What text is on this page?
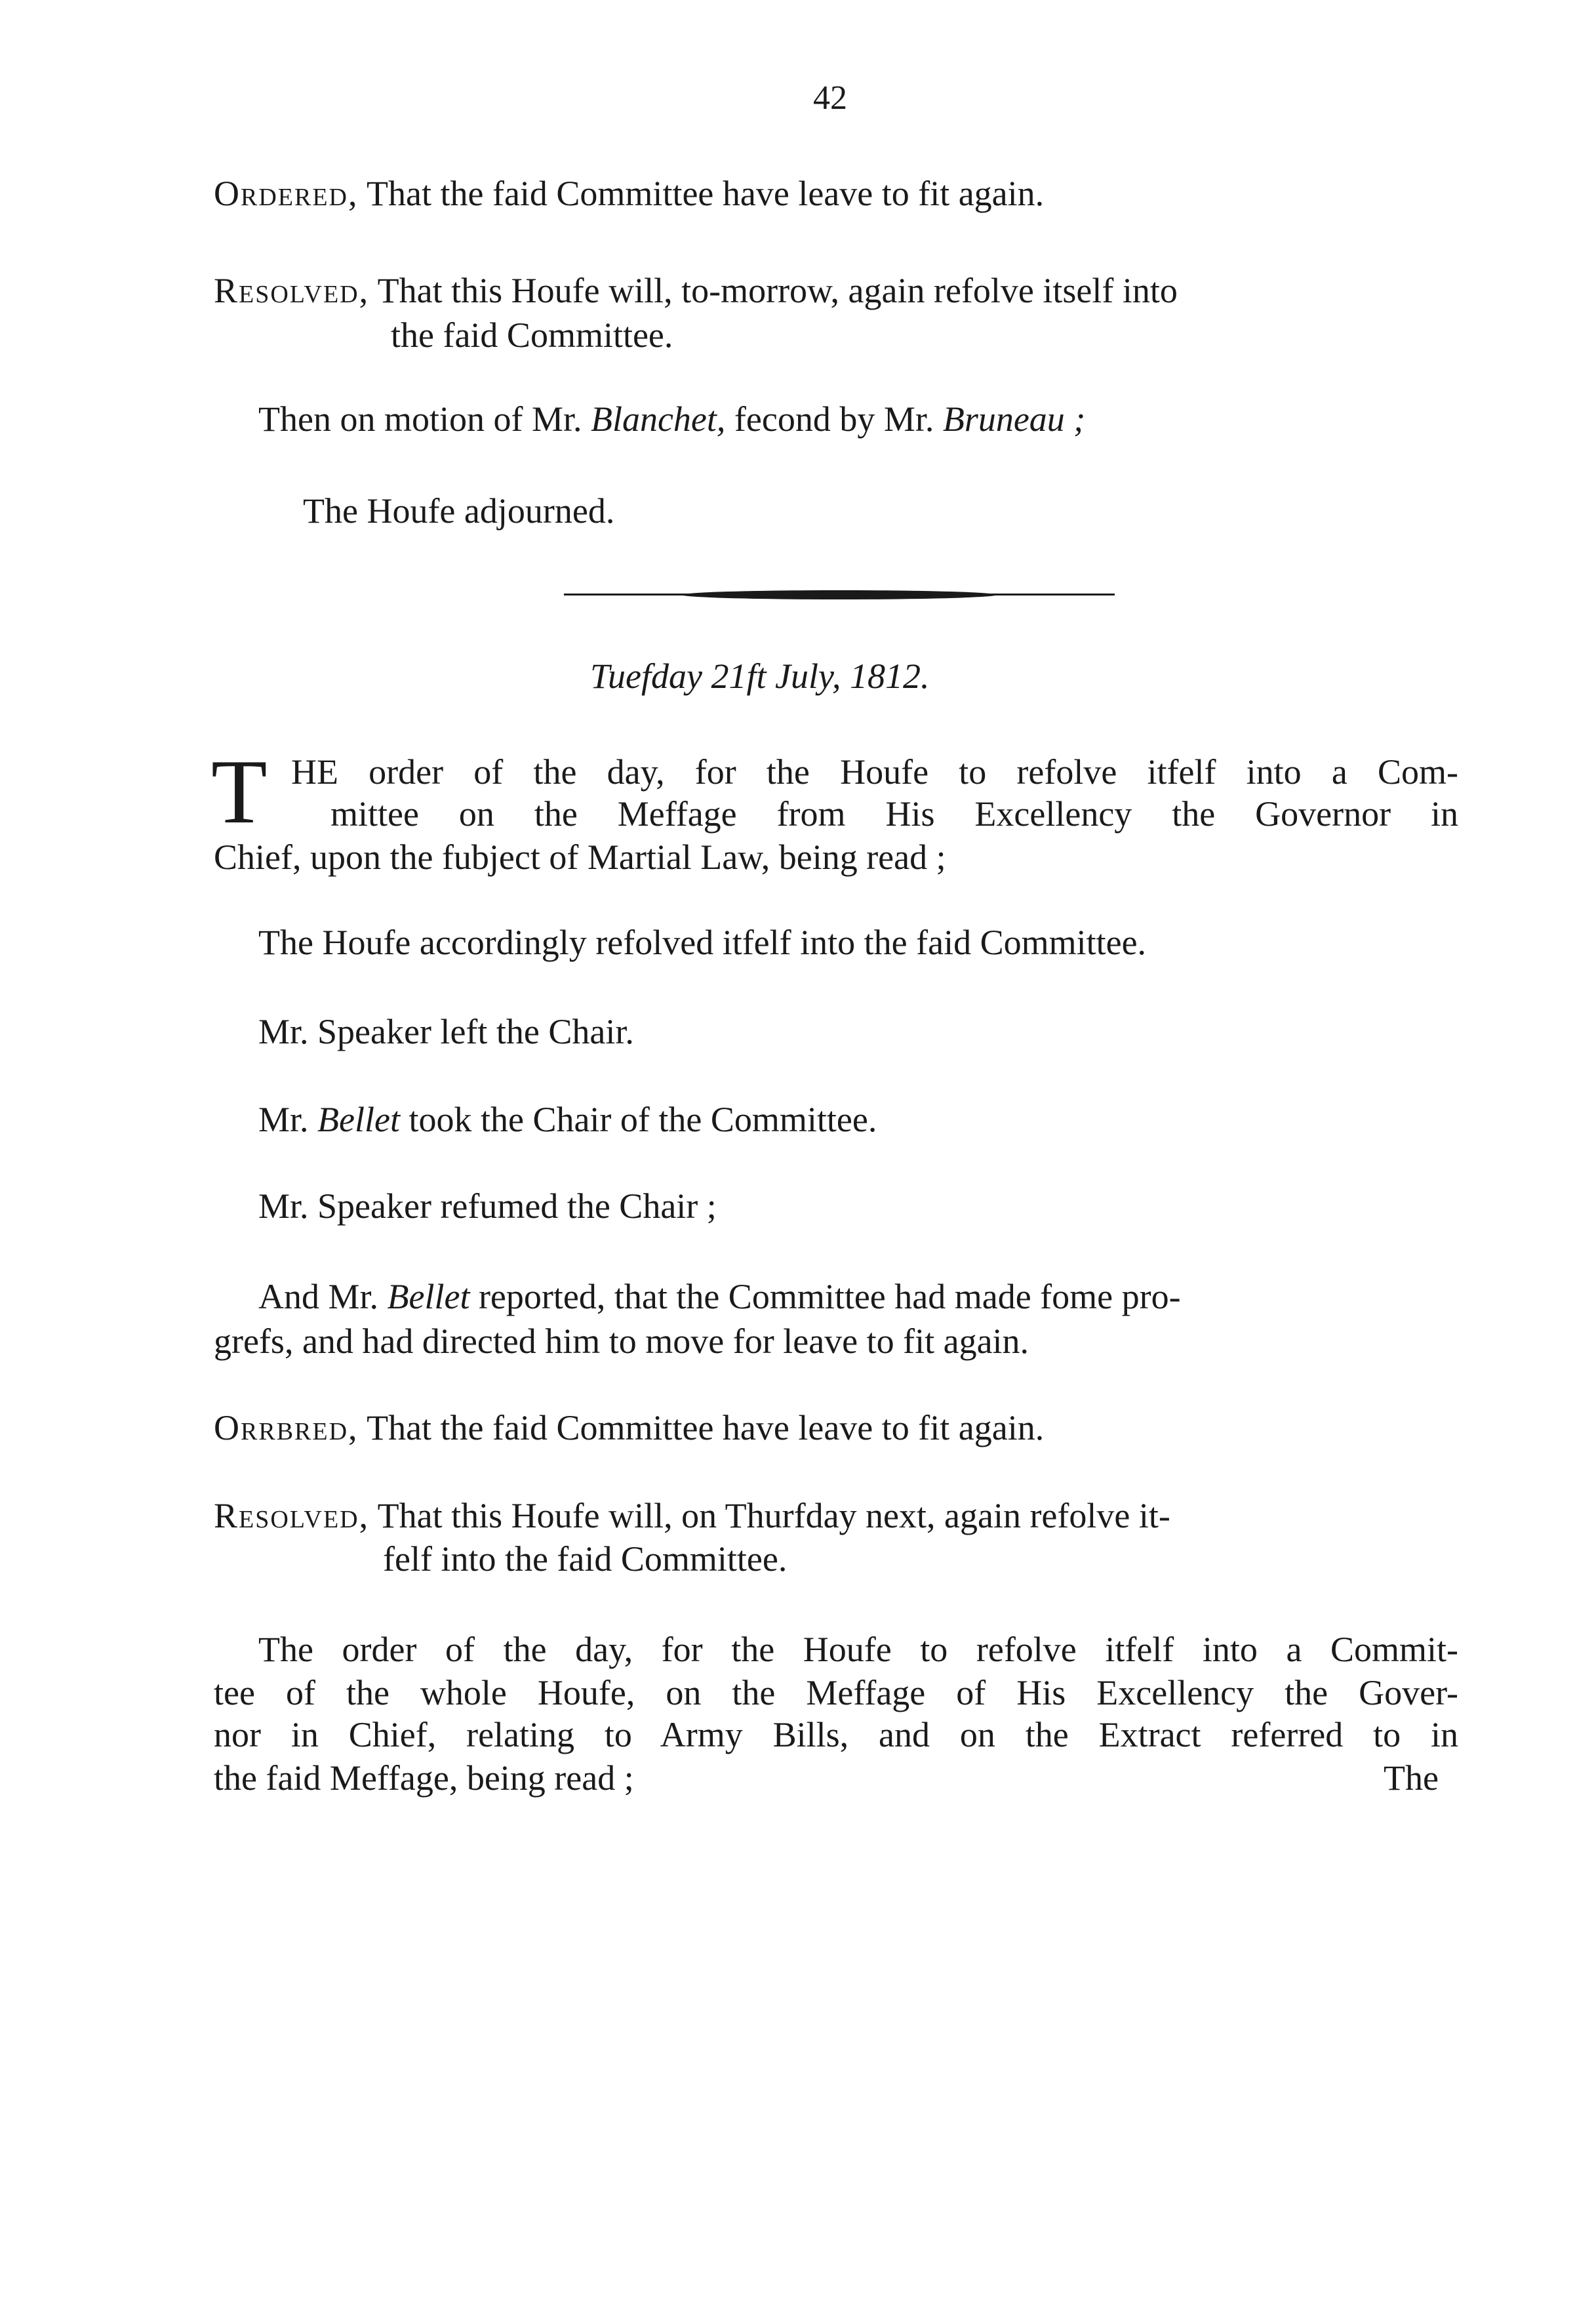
42
Ordered, That the faid Committee have leave to fit again.
Resolved, That this Houfe will, to-morrow, again refolve itself into
the faid Committee.
Then on motion of Mr. Blanchet, fecond by Mr. Bruneau ;
The Houfe adjourned.
Tuefday 21ft July, 1812.
T HE order of the day, for the Houfe to refolve itfelf into a Com-
mittee on the Meffage from His Excellency the Governor in
Chief, upon the fubject of Martial Law, being read ;
The Houfe accordingly refolved itfelf into the faid Committee.
Mr. Speaker left the Chair.
Mr. Bellet took the Chair of the Committee.
Mr. Speaker refumed the Chair ;
And Mr. Bellet reported, that the Committee had made fome pro-
grefs, and had directed him to move for leave to fit again.
Orrbred, That the faid Committee have leave to fit again.
Resolved, That this Houfe will, on Thurfday next, again refolve it-
felf into the faid Committee.
The order of the day, for the Houfe to refolve itfelf into a Commit-
tee of the whole Houfe, on the Meffage of His Excellency the Gover-
nor in Chief, relating to Army Bills, and on the Extract referred to in
the faid Meffage, being read ;	The
